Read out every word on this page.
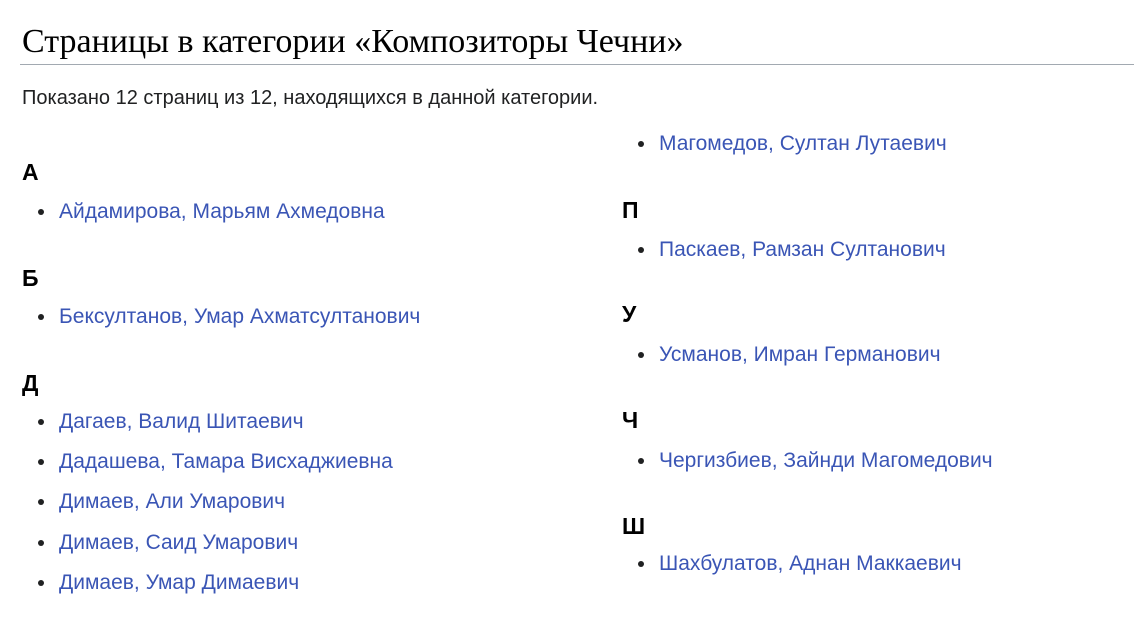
Страницы в категории «Композиторы Чечни»

Показано 12 страниц из 12, находящихся в данной категории.

А
Айдамирова, Марьям Ахмедовна
Б
Бексултанов, Умар Ахматсултанович
Д
Дагаев, Валид Шитаевич
Дадашева, Тамара Висхаджиевна
Димаев, Али Умарович
Димаев, Саид Умарович
Димаев, Умар Димаевич
Магомедов, Султан Лутаевич
П
Паскаев, Рамзан Султанович
У
Усманов, Имран Германович
Ч
Чергизбиев, Зайнди Магомедович
Ш
Шахбулатов, Аднан Маккаевич
